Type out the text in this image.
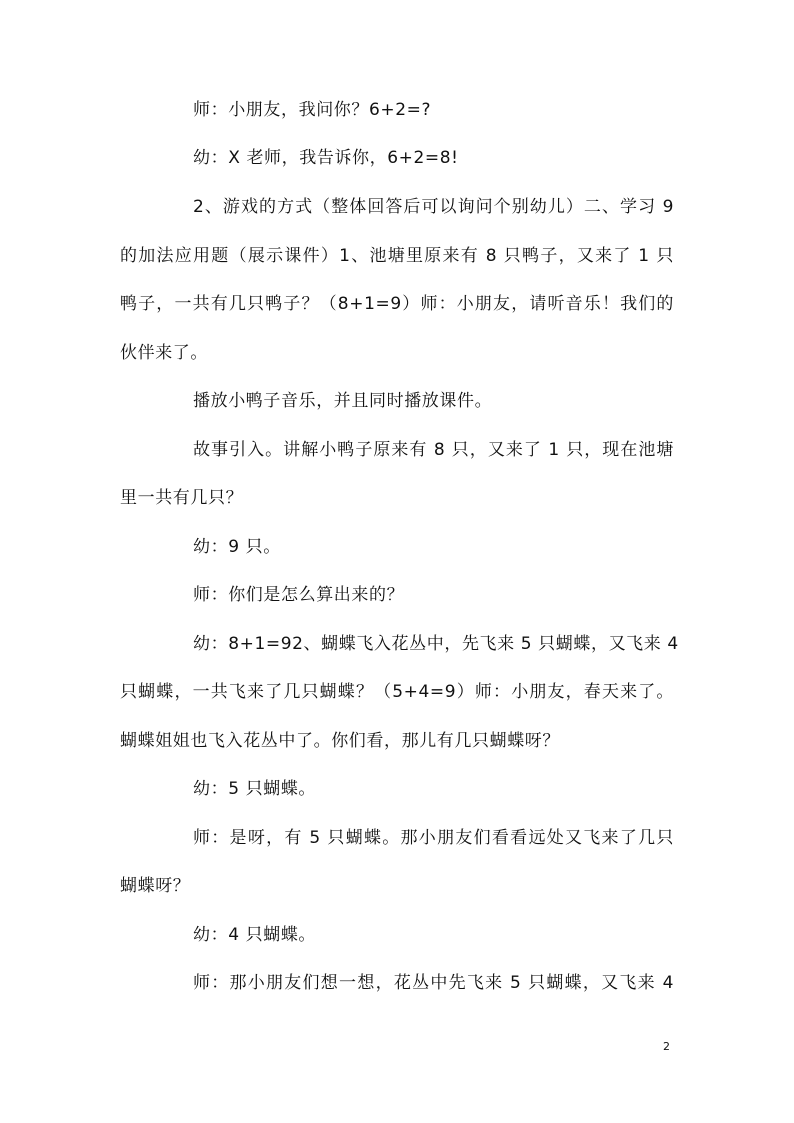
师：小朋友，我问你？6+2=?
幼：X 老师，我告诉你，6+2=8!
2、游戏的方式（整体回答后可以询问个别幼儿）二、学习 9
的加法应用题（展示课件）1、池塘里原来有 8 只鸭子，又来了 1 只
鸭子，一共有几只鸭子？（8+1=9）师：小朋友，请听音乐！我们的
伙伴来了。
播放小鸭子音乐，并且同时播放课件。
故事引入。讲解小鸭子原来有 8 只，又来了 1 只，现在池塘
里一共有几只？
幼：9 只。
师：你们是怎么算出来的？
幼：8+1=92、蝴蝶飞入花丛中，先飞来 5 只蝴蝶，又飞来 4
只蝴蝶，一共飞来了几只蝴蝶？（5+4=9）师：小朋友，春天来了。
蝴蝶姐姐也飞入花丛中了。你们看，那儿有几只蝴蝶呀？
幼：5 只蝴蝶。
师：是呀，有 5 只蝴蝶。那小朋友们看看远处又飞来了几只
蝴蝶呀？
幼：4 只蝴蝶。
师：那小朋友们想一想，花丛中先飞来 5 只蝴蝶，又飞来 4
2
